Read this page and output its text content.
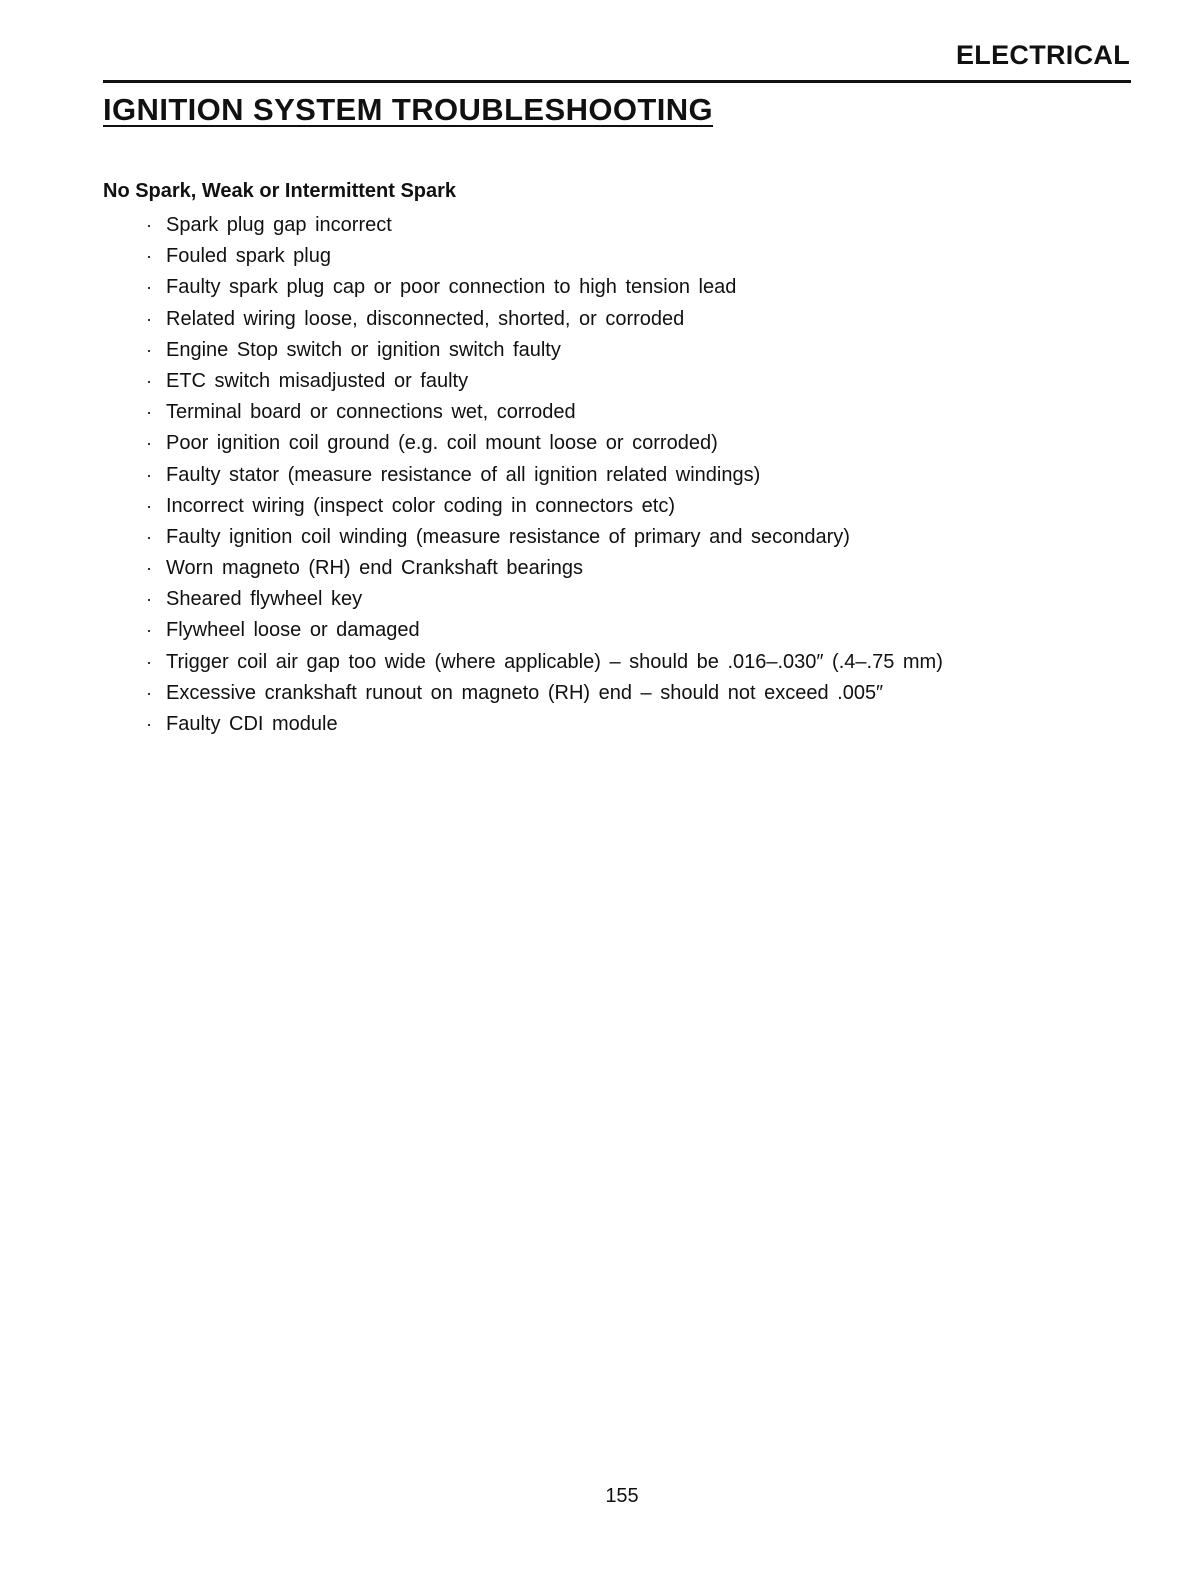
ELECTRICAL
IGNITION SYSTEM TROUBLESHOOTING
No Spark, Weak or Intermittent Spark
· Spark plug gap incorrect
· Fouled spark plug
· Faulty spark plug cap or poor connection to high tension lead
· Related wiring loose, disconnected, shorted, or corroded
· Engine Stop switch or ignition switch faulty
· ETC switch misadjusted or faulty
· Terminal board or connections wet, corroded
· Poor ignition coil ground (e.g. coil mount loose or corroded)
· Faulty stator (measure resistance of all ignition related windings)
· Incorrect wiring (inspect color coding in connectors etc)
· Faulty ignition coil winding (measure resistance of primary and secondary)
· Worn magneto (RH) end Crankshaft bearings
· Sheared flywheel key
· Flywheel loose or damaged
· Trigger coil air gap too wide (where applicable) – should be .016–.030″ (.4–.75 mm)
· Excessive crankshaft runout on magneto (RH) end – should not exceed .005″
· Faulty CDI module
155
